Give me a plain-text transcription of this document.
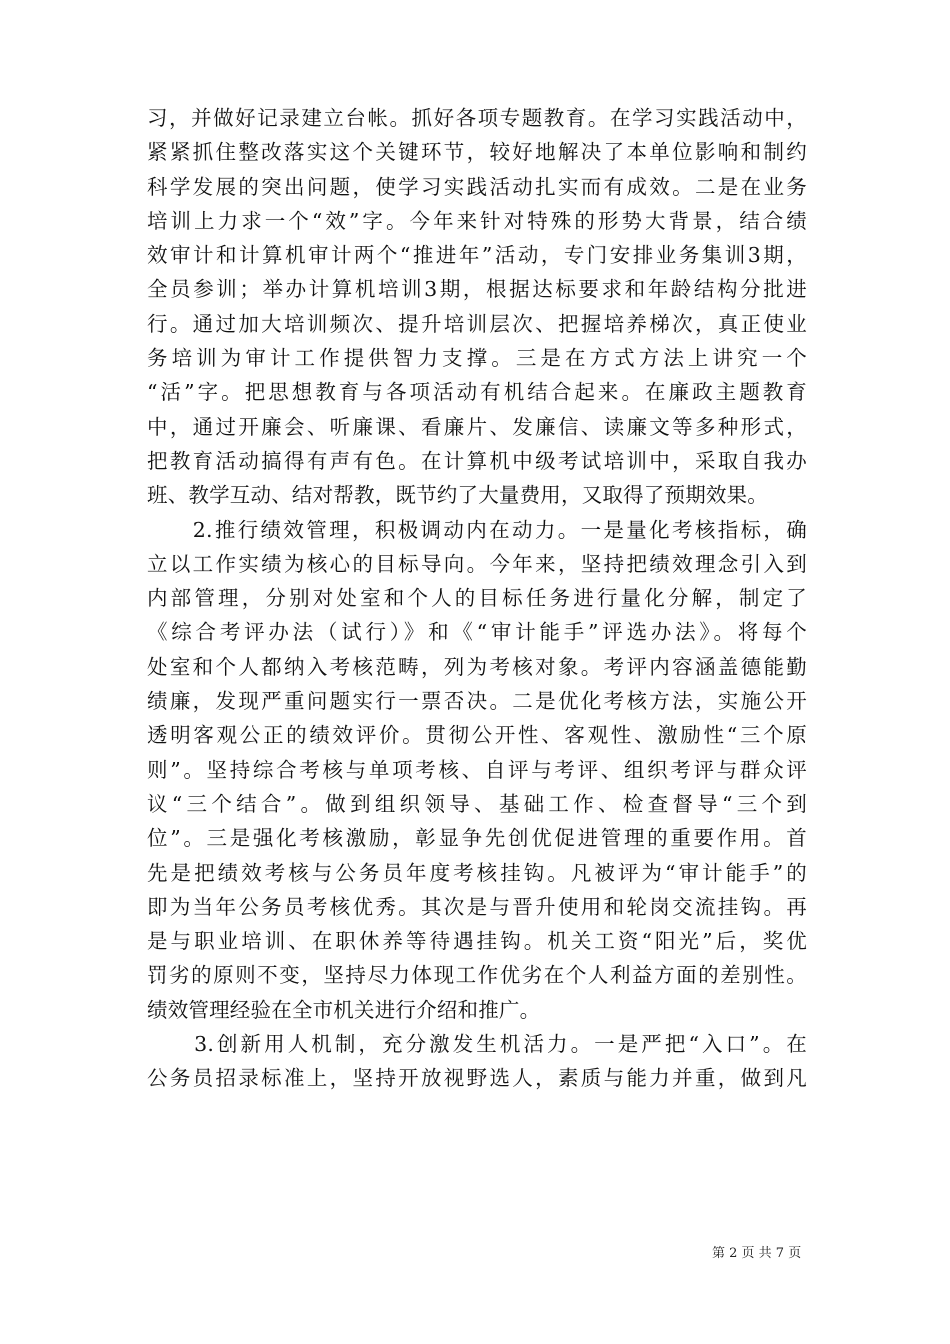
习，并做好记录建立台帐。抓好各项专题教育。在学习实践活动中，
紧紧抓住整改落实这个关键环节，较好地解决了本单位影响和制约
科学发展的突出问题，使学习实践活动扎实而有成效。二是在业务
培训上力求一个“效”字。今年来针对特殊的形势大背景，结合绩
效审计和计算机审计两个“推进年”活动，专门安排业务集训3期，
全员参训；举办计算机培训3期，根据达标要求和年龄结构分批进
行。通过加大培训频次、提升培训层次、把握培养梯次，真正使业
务培训为审计工作提供智力支撑。三是在方式方法上讲究一个
“活”字。把思想教育与各项活动有机结合起来。在廉政主题教育
中，通过开廉会、听廉课、看廉片、发廉信、读廉文等多种形式，
把教育活动搞得有声有色。在计算机中级考试培训中，采取自我办
班、教学互动、结对帮教，既节约了大量费用，又取得了预期效果。
　　2.推行绩效管理，积极调动内在动力。一是量化考核指标，确
立以工作实绩为核心的目标导向。今年来，坚持把绩效理念引入到
内部管理，分别对处室和个人的目标任务进行量化分解，制定了
《综合考评办法（试行）》和《“审计能手”评选办法》。将每个
处室和个人都纳入考核范畴，列为考核对象。考评内容涵盖德能勤
绩廉，发现严重问题实行一票否决。二是优化考核方法，实施公开
透明客观公正的绩效评价。贯彻公开性、客观性、激励性“三个原
则”。坚持综合考核与单项考核、自评与考评、组织考评与群众评
议“三个结合”。做到组织领导、基础工作、检查督导“三个到
位”。三是强化考核激励，彰显争先创优促进管理的重要作用。首
先是把绩效考核与公务员年度考核挂钩。凡被评为“审计能手”的
即为当年公务员考核优秀。其次是与晋升使用和轮岗交流挂钩。再
是与职业培训、在职休养等待遇挂钩。机关工资“阳光”后，奖优
罚劣的原则不变，坚持尽力体现工作优劣在个人利益方面的差别性。
绩效管理经验在全市机关进行介绍和推广。
　　3.创新用人机制，充分激发生机活力。一是严把“入口”。在
公务员招录标准上，坚持开放视野选人，素质与能力并重，做到凡
第 2 页 共 7 页
